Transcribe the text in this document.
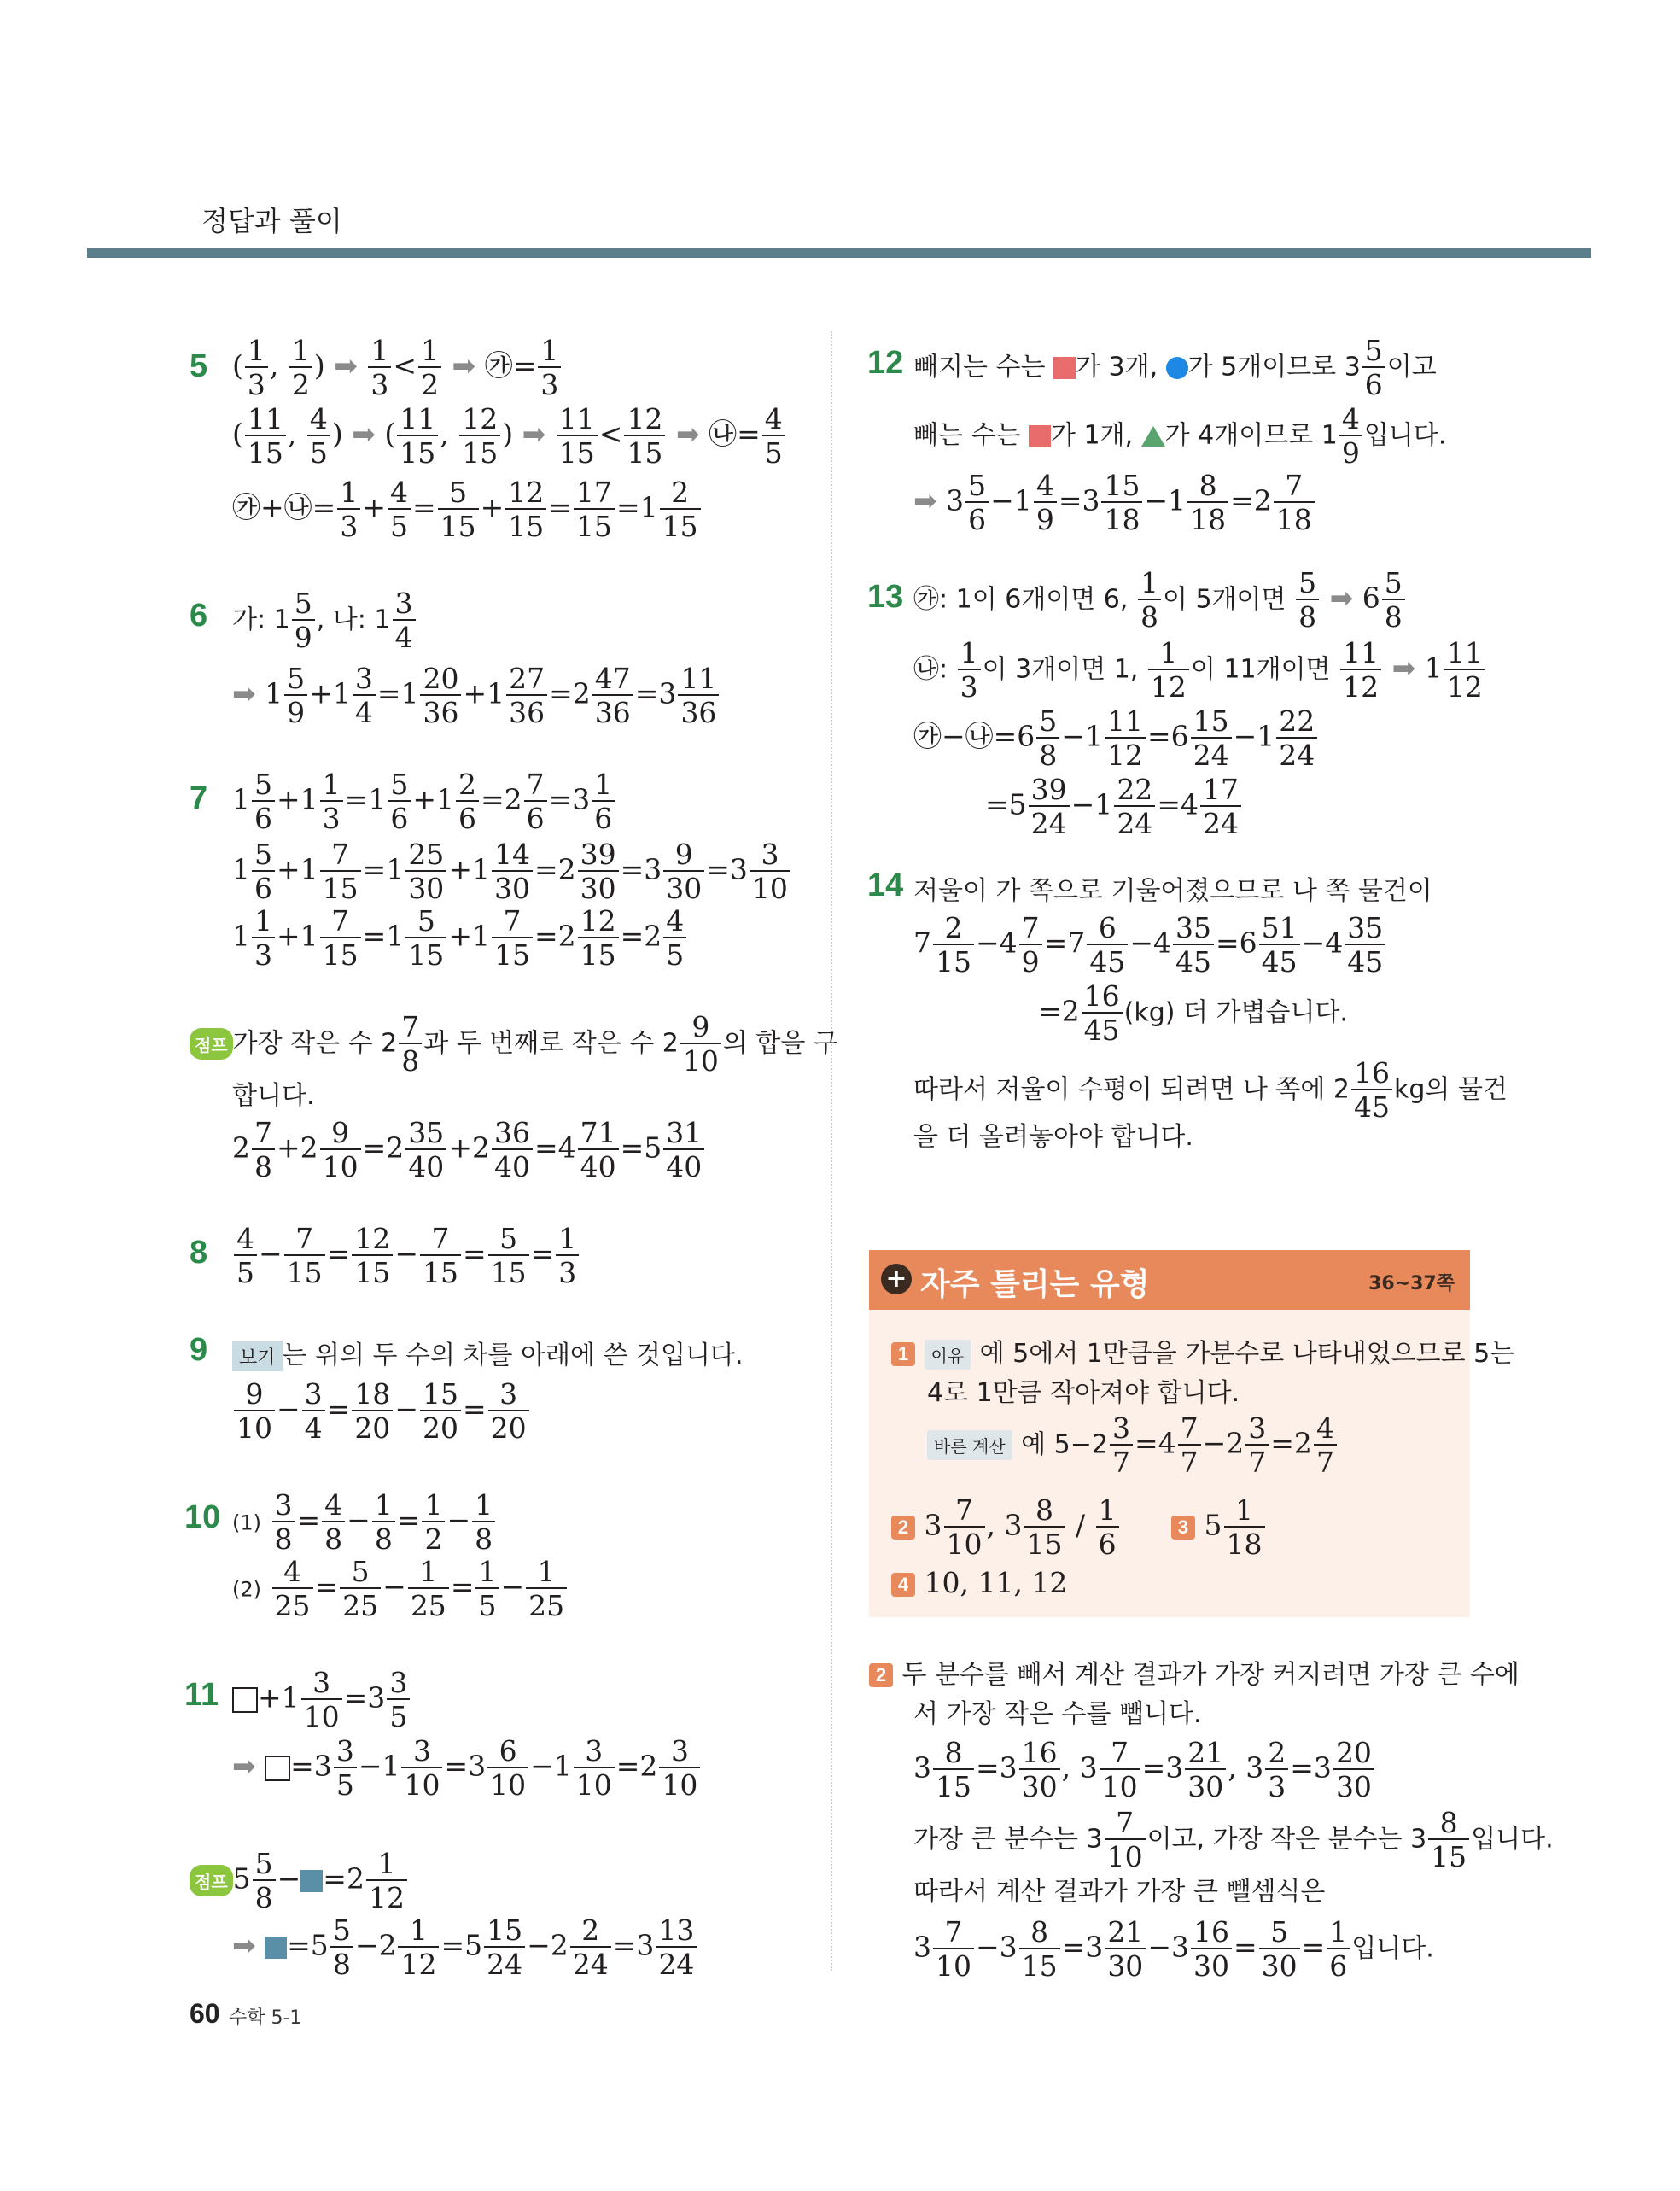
정답과 풀이
5 ( $\frac{1}{3}$ , $\frac{1}{2}$ ) ➡ $\frac{1}{3} < \frac{1}{2}$ ➡ ㉮= $\frac{1}{3}$
( $\frac{11}{15}$ , $\frac{4}{5}$ ) ➡ ( $\frac{11}{15}$ , $\frac{12}{15}$ ) ➡ $\frac{11}{15} < \frac{12}{15}$ ➡ ㉯= $\frac{4}{5}$
㉮+㉯= $\frac{1}{3} + \frac{4}{5} = \frac{5}{15} + \frac{12}{15} = \frac{17}{15} =1 \frac{2}{15}$
6 가: $1 \frac{5}{9}$ , 나: $1 \frac{3}{4}$
➡ $1 \frac{5}{9} +1 \frac{3}{4} =1 \frac{20}{36} +1 \frac{27}{36} =2 \frac{47}{36} =3 \frac{11}{36}$
7 $1 \frac{5}{6} +1 \frac{1}{3} =1 \frac{5}{6} +1 \frac{2}{6} =2 \frac{7}{6} =3 \frac{1}{6}$
$1 \frac{5}{6} +1 \frac{7}{15} =1 \frac{25}{30} +1 \frac{14}{30} =2 \frac{39}{30} =3 \frac{9}{30} =3 \frac{3}{10}$
$1 \frac{1}{3} +1 \frac{7}{15} =1 \frac{5}{15} +1 \frac{7}{15} =2 \frac{12}{15} =2 \frac{4}{5}$
점프 가장 작은 수 $2 \frac{7}{8}$ 과 두 번째로 작은 수 $2 \frac{9}{10}$ 의 합을 구
합니다.
$2 \frac{7}{8} +2 \frac{9}{10} =2 \frac{35}{40} +2 \frac{36}{40} =4 \frac{71}{40} =5 \frac{31}{40}$
$8 \frac{4}{5} - \frac{7}{15} = \frac{12}{15} - \frac{7}{15} = \frac{5}{15} = \frac{1}{3}$
9	보기 는 위의 두 수의 차를 아래에 쓴 것입니다.
$\frac{9}{10} - \frac{3}{4} = \frac{18}{20} - \frac{15}{20} = \frac{3}{20}$
10 $(1) \frac{3}{8} = \frac{4}{8} - \frac{1}{8} = \frac{1}{2} - \frac{1}{8}$
$(2) \frac{4}{25} = \frac{5}{25} - \frac{1}{25} = \frac{1}{5} - \frac{1}{25}$
11	$+1 \frac{3}{10} =3 \frac{3}{5}$
➡ $=3 \frac{3}{5} -1 \frac{3}{10} =3 \frac{6}{10} -1 \frac{3}{10} =2 \frac{3}{10}$
점프 $5 \frac{5}{8} - =2 \frac{1}{12}$
➡ $=5 \frac{5}{8} -2 \frac{1}{12} =5 \frac{15}{24} -2 \frac{2}{24} =3 \frac{13}{24}$
12 빼지는 수는 가 3개, 가 5개이므로 $3 \frac{5}{6}$ 이고
빼는 수는 가 1개, 가 4개이므로 $1 \frac{4}{9}$ 입니다.
➡ $3 \frac{5}{6} -1 \frac{4}{9} =3 \frac{15}{18} -1 \frac{8}{18} =2 \frac{7}{18}$
13 ㉮: 1이 6개이면 6, $\frac{1}{8}$ 이 5개이면 $\frac{5}{8}$ ➡ $6 \frac{5}{8}$
㉯: $\frac{1}{3}$ 이 3개이면 1, $\frac{1}{12}$ 이 11개이면 $\frac{11}{12}$ ➡ $1 \frac{11}{12}$
㉮−㉯=6 $\frac{5}{8} -1 \frac{11}{12} =6 \frac{15}{24} -1 \frac{22}{24}$
$=5 \frac{39}{24} -1 \frac{22}{24} =4 \frac{17}{24}$
14 저울이 가 쪽으로 기울어졌으므로 나 쪽 물건이
$7 \frac{2}{15} -4 \frac{7}{9} =7 \frac{6}{45} -4 \frac{35}{45} =6 \frac{51}{45} -4 \frac{35}{45}$
$=2 \frac{16}{45} (kg)$ 더 가볍습니다.
따라서 저울이 수평이 되려면 나 쪽에 $2 \frac{16}{45}$ kg의 물건
을 더 올려놓아야 합니다.
+ 자주 틀리는 유형	36~37쪽
1 이유 예 5에서 1만큼을 가분수로 나타내었으므로 5는
4로 1만큼 작아져야 합니다.
바른 계산 예 $5-2 \frac{3}{7} =4 \frac{7}{7} -2 \frac{3}{7} =2 \frac{4}{7}$
2 $3 \frac{7}{10}$ , $3 \frac{8}{15} / \frac{1}{6}$	3 $5 \frac{1}{18}$
4 10, 11, 12
2 두 분수를 빼서 계산 결과가 가장 커지려면 가장 큰 수에
서 가장 작은 수를 뺍니다.
$3 \frac{8}{15} =3 \frac{16}{30}$ , $3 \frac{7}{10} =3 \frac{21}{30}$ , $3 \frac{2}{3} =3 \frac{20}{30}$
가장 큰 분수는 $3 \frac{7}{10}$ 이고, 가장 작은 분수는 $3 \frac{8}{15}$ 입니다.
따라서 계산 결과가 가장 큰 뺄셈식은
$3 \frac{7}{10} -3 \frac{8}{15} =3 \frac{21}{30} -3 \frac{16}{30} = \frac{5}{30} = \frac{1}{6}$ 입니다.
60 수학 5-1
